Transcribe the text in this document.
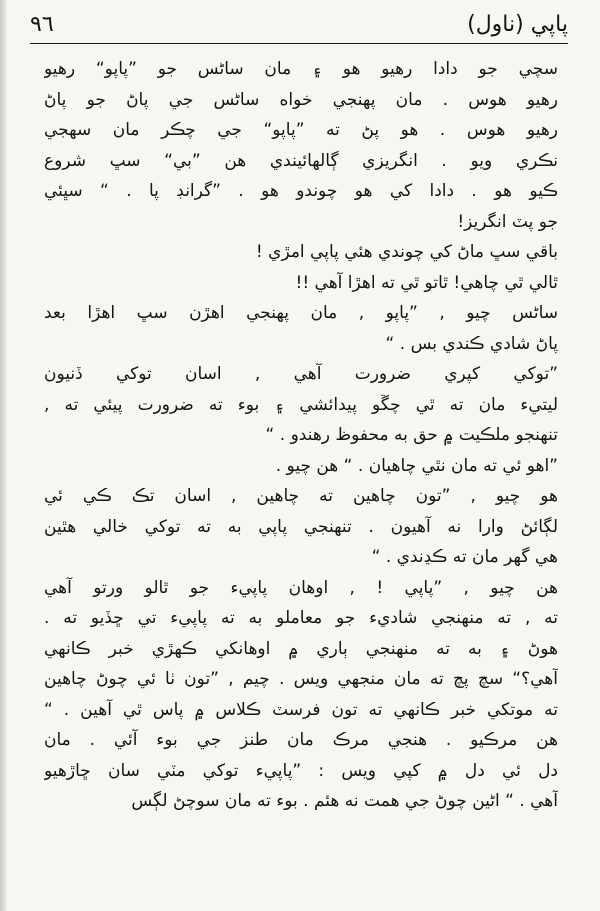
پاپي (ناول)
٩٦
سچي جو دادا رهيو هو ۽ مان ساڻس جو ”پاپو“ رهيو
رهيو هوس . مان پهنجي خواه ساڻس جي پاڻ جو پاڻ
رهيو هوس . هو پڻ ته ”پاپو“ جي چڪر مان سهجي
نڪري ويو . انگريزي ڳالهائيندي هن ”بي“ سڀ شروع
ڪيو هو . دادا کي هو چوندو هو . ”گرانڊ پا . “ سڀئي
جو پٽ انگريز!
باقي سڀ ماڻ کي چوندي هئي پاپي امڙي !
ٿالي ٿي چاهي! ٿاتو ٿي ته اهڙا آهي !!
ساڻس چيو , ”پاپو , مان پهنجي اهڙن سڀ اهڙا بعد
پاڻ شادي ڪندي بس . “
”توکي کپري ضرورت آهي , اسان توکي ڏنيون
ليتيء مان ته ٿي چڱو پيدائشي ۽ بوء ته ضرورت پيئي ته ,
تنهنجو ملڪيت ۾ حق به محفوظ رهندو . “
”اهو ئي ته مان نٿي چاهيان . “ هن چيو .
هو چيو , ”تون چاهين ته چاهين , اسان تڪ ڪي ئي
لڳائڻ وارا نه آهيون . تنهنجي پاپي به ته توکي خالي هٿين
هي گهر مان ته ڪڍندي . “
هن چيو , ”پاپي ! , اوهان پاپيء جو ٿالو ورتو آهي
ته , ته منهنجي شاديء جو معاملو به ته پاپيء تي ڇڏيو ته .
هوڻ ۽ به ته منهنجي ٻاري ۾ اوهانکي ڪهڙي خبر ڪانهي
آهي؟“ سچ پچ ته مان منجهي ويس . چيم , ”تون ٺا ئي چوڻ چاهين
ته موتکي خبر ڪانهي ته تون فرسٽ ڪلاس ۾ پاس ٿي آهين . “
هن مرڪيو . هنجي مرڪ مان طنز جي بوء آئي . مان
دل ئي دل ۾ کپي ويس : ”پاپيء توکي مٽي سان ڇاڙهيو
آهي . “ اڻين چوڻ جي همت نه هئم . بوء ته مان سوچڻ لڳس
